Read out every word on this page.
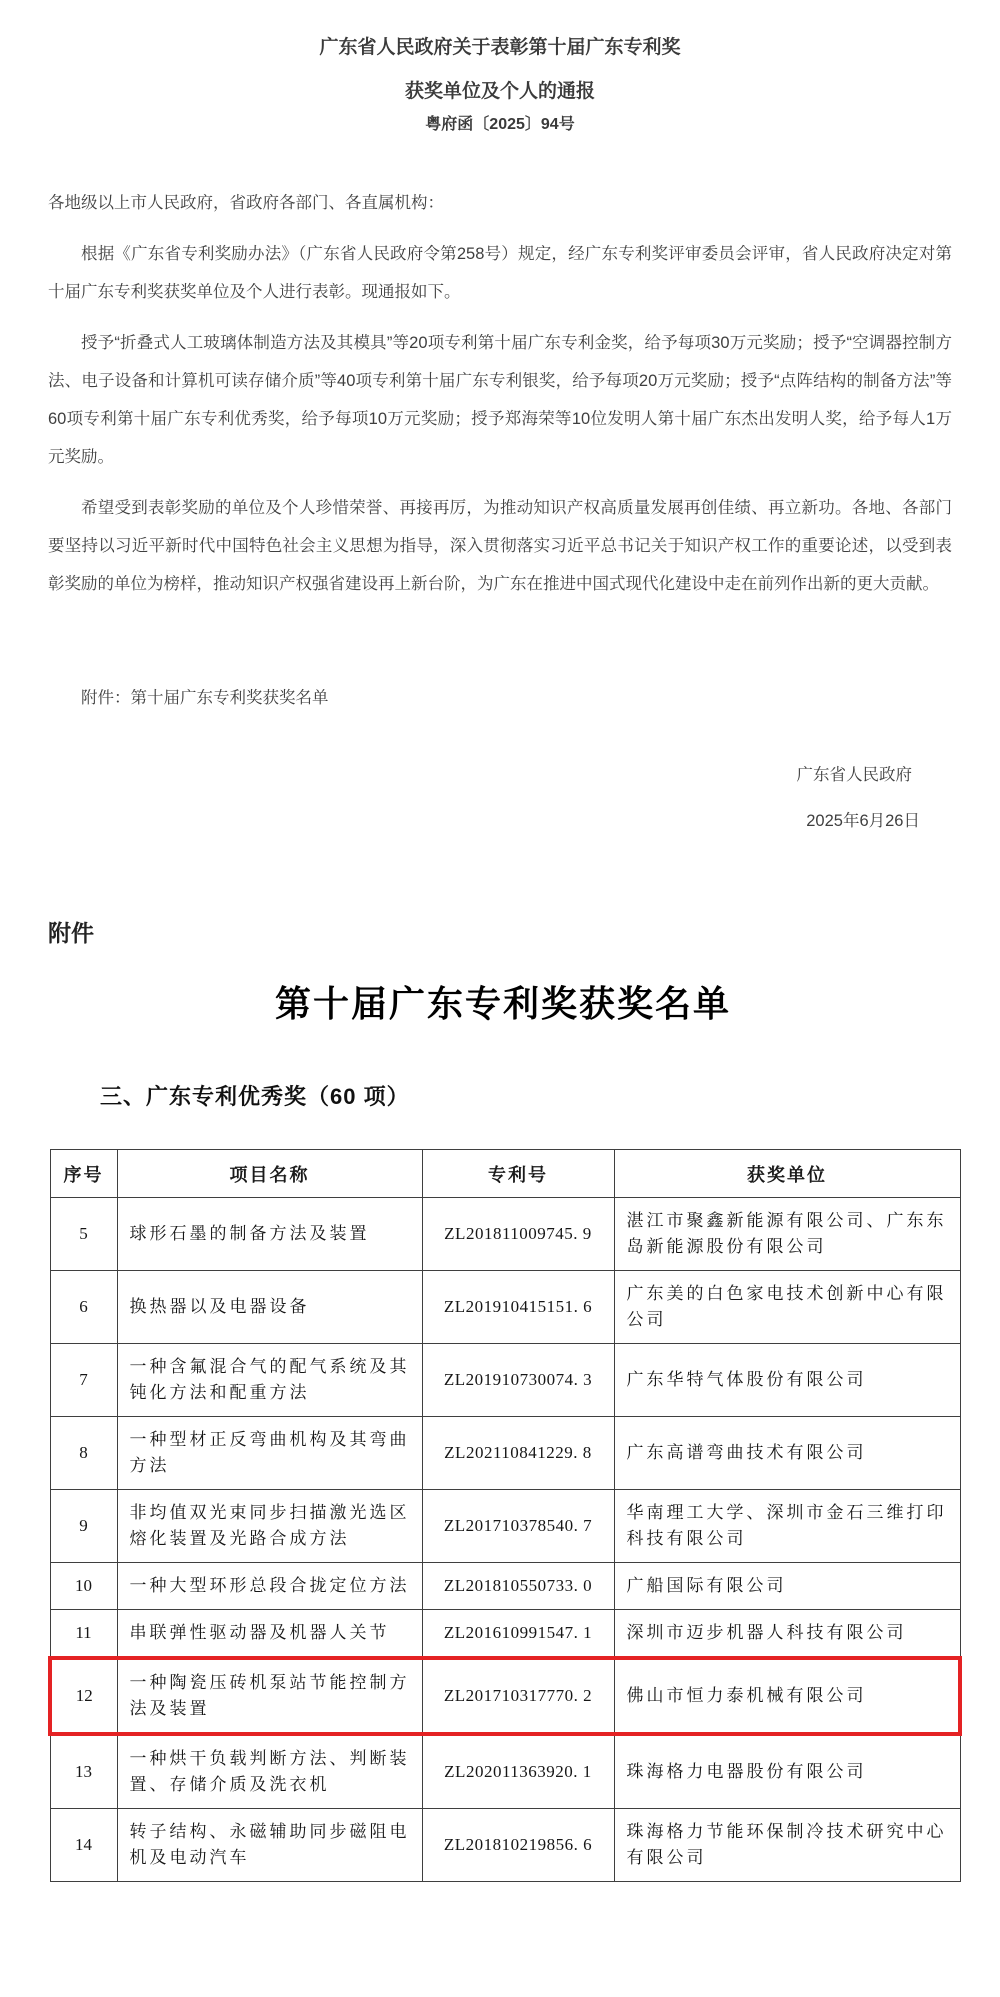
广东省人民政府关于表彰第十届广东专利奖
获奖单位及个人的通报
粤府函〔2025〕94号
各地级以上市人民政府，省政府各部门、各直属机构：
根据《广东省专利奖励办法》（广东省人民政府令第258号）规定，经广东专利奖评审委员会评审，省人民政府决定对第十届广东专利奖获奖单位及个人进行表彰。现通报如下。
授予“折叠式人工玻璃体制造方法及其模具”等20项专利第十届广东专利金奖，给予每项30万元奖励；授予“空调器控制方法、电子设备和计算机可读存储介质”等40项专利第十届广东专利银奖，给予每项20万元奖励；授予“点阵结构的制备方法”等60项专利第十届广东专利优秀奖，给予每项10万元奖励；授予郑海荣等10位发明人第十届广东杰出发明人奖，给予每人1万元奖励。
希望受到表彰奖励的单位及个人珍惜荣誉、再接再厉，为推动知识产权高质量发展再创佳绩、再立新功。各地、各部门要坚持以习近平新时代中国特色社会主义思想为指导，深入贯彻落实习近平总书记关于知识产权工作的重要论述，以受到表彰奖励的单位为榜样，推动知识产权强省建设再上新台阶，为广东在推进中国式现代化建设中走在前列作出新的更大贡献。
附件：第十届广东专利奖获奖名单
广东省人民政府
2025年6月26日
附件
第十届广东专利奖获奖名单
三、广东专利优秀奖（60 项）
序号	项目名称	专利号	获奖单位
5	球形石墨的制备方法及装置	ZL201811009745. 9	湛江市聚鑫新能源有限公司、广东东岛新能源股份有限公司
6	换热器以及电器设备	ZL201910415151. 6	广东美的白色家电技术创新中心有限公司
7	一种含氟混合气的配气系统及其钝化方法和配重方法	ZL201910730074. 3	广东华特气体股份有限公司
8	一种型材正反弯曲机构及其弯曲方法	ZL202110841229. 8	广东高谱弯曲技术有限公司
9	非均值双光束同步扫描激光选区熔化装置及光路合成方法	ZL201710378540. 7	华南理工大学、深圳市金石三维打印科技有限公司
10	一种大型环形总段合拢定位方法	ZL201810550733. 0	广船国际有限公司
11	串联弹性驱动器及机器人关节	ZL201610991547. 1	深圳市迈步机器人科技有限公司
12	一种陶瓷压砖机泵站节能控制方法及装置	ZL201710317770. 2	佛山市恒力泰机械有限公司
13	一种烘干负载判断方法、判断装置、存储介质及洗衣机	ZL202011363920. 1	珠海格力电器股份有限公司
14	转子结构、永磁辅助同步磁阻电机及电动汽车	ZL201810219856. 6	珠海格力节能环保制冷技术研究中心有限公司
